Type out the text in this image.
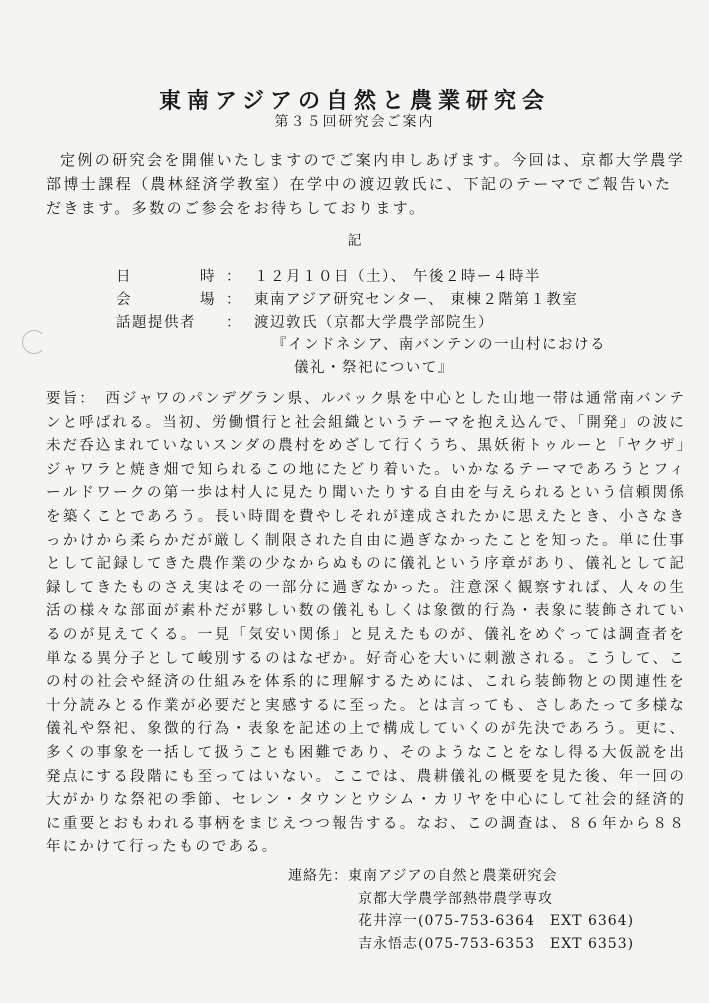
東南アジアの自然と農業研究会
第３５回研究会ご案内
定例の研究会を開催いたしますのでご案内申しあげます。今回は、京都大学農学部博士課程（農林経済学教室）在学中の渡辺敦氏に、下記のテーマでご報告いただきます。多数のご参会をお待ちしております。
記
日	時 ： １２月１０日（土）、 午後２時ー４時半
会	場 ： 東南アジア研究センター、 東棟２階第１教室
話題提供者	： 渡辺敦氏（京都大学農学部院生）
『インドネシア、南バンテンの一山村における
儀礼・祭祀について』
要旨：　西ジャワのパンデグラン県、ルバック県を中心とした山地一帯は通常南バンテンと呼ばれる。当初、労働慣行と社会組織というテーマを抱え込んで、「開発」の波に未だ呑込まれていないスンダの農村をめざして行くうち、黒妖術トゥルーと「ヤクザ」ジャワラと焼き畑で知られるこの地にたどり着いた。いかなるテーマであろうとフィールドワークの第一歩は村人に見たり聞いたりする自由を与えられるという信頼関係を築くことであろう。長い時間を費やしそれが達成されたかに思えたとき、小さなきっかけから柔らかだが厳しく制限された自由に過ぎなかったことを知った。単に仕事として記録してきた農作業の少なからぬものに儀礼という序章があり、儀礼として記録してきたものさえ実はその一部分に過ぎなかった。注意深く観察すれば、人々の生活の様々な部面が素朴だが夥しい数の儀礼もしくは象徴的行為・表象に装飾されているのが見えてくる。一見「気安い関係」と見えたものが、儀礼をめぐっては調査者を単なる異分子として峻別するのはなぜか。好奇心を大いに刺激される。こうして、この村の社会や経済の仕組みを体系的に理解するためには、これら装飾物との関連性を十分読みとる作業が必要だと実感するに至った。とは言っても、さしあたって多様な儀礼や祭祀、象徴的行為・表象を記述の上で構成していくのが先決であろう。更に、多くの事象を一括して扱うことも困難であり、そのようなことをなし得る大仮説を出発点にする段階にも至ってはいない。ここでは、農耕儀礼の概要を見た後、年一回の大がかりな祭祀の季節、セレン・タウンとウシム・カリヤを中心にして社会的経済的に重要とおもわれる事柄をまじえつつ報告する。なお、この調査は、８６年から８８年にかけて行ったものである。
連絡先：東南アジアの自然と農業研究会
京都大学農学部熱帯農学専攻
花井淳一(075-753-6364　EXT 6364)
吉永悟志(075-753-6353　EXT 6353)
